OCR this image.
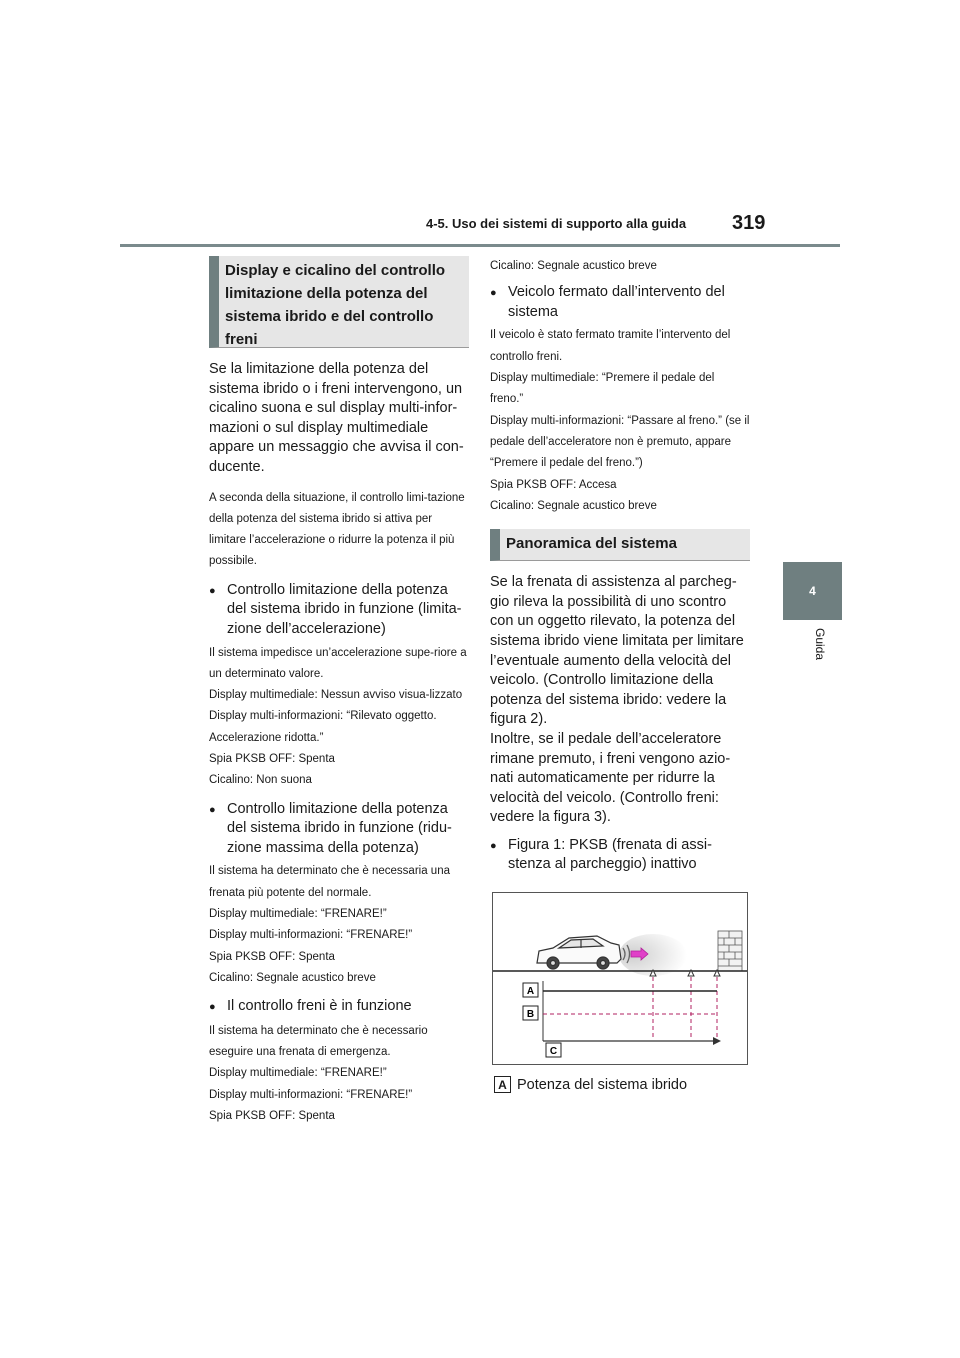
4-5. Uso dei sistemi di supporto alla guida	319
4
Guida
Display e cicalino del controllo limitazione della potenza del sistema ibrido e del controllo freni

Se la limitazione della potenza del sistema ibrido o i freni intervengono, un cicalino suona e sul display multi-infor-mazioni o sul display multimediale appare un messaggio che avvisa il con-ducente.

A seconda della situazione, il controllo limi-tazione della potenza del sistema ibrido si attiva per limitare l’accelerazione o ridurre la potenza il più possibile.

● Controllo limitazione della potenza del sistema ibrido in funzione (limita-zione dell’accelerazione)

Il sistema impedisce un’accelerazione supe-riore a un determinato valore.

Display multimediale: Nessun avviso visua-lizzato

Display multi-informazioni: “Rilevato oggetto. Accelerazione ridotta.”

Spia PKSB OFF: Spenta

Cicalino: Non suona

● Controllo limitazione della potenza del sistema ibrido in funzione (ridu-zione massima della potenza)

Il sistema ha determinato che è necessaria una frenata più potente del normale.

Display multimediale: “FRENARE!”

Display multi-informazioni: “FRENARE!”

Spia PKSB OFF: Spenta

Cicalino: Segnale acustico breve

● Il controllo freni è in funzione

Il sistema ha determinato che è necessario eseguire una frenata di emergenza.

Display multimediale: “FRENARE!”

Display multi-informazioni: “FRENARE!”

Spia PKSB OFF: Spenta

Cicalino: Segnale acustico breve

● Veicolo fermato dall’intervento del sistema

Il veicolo è stato fermato tramite l’intervento del controllo freni.

Display multimediale: “Premere il pedale del freno.”

Display multi-informazioni: “Passare al freno.” (se il pedale dell’acceleratore non è premuto, appare “Premere il pedale del freno.”)

Spia PKSB OFF: Accesa

Cicalino: Segnale acustico breve

Panoramica del sistema

Se la frenata di assistenza al parcheg-gio rileva la possibilità di uno scontro con un oggetto rilevato, la potenza del sistema ibrido viene limitata per limitare l’eventuale aumento della velocità del veicolo. (Controllo limitazione della potenza del sistema ibrido: vedere la figura 2).

Inoltre, se il pedale dell’acceleratore rimane premuto, i freni vengono azio-nati automaticamente per ridurre la velocità del veicolo. (Controllo freni: vedere la figura 3).

● Figura 1: PKSB (frenata di assi-stenza al parcheggio) inattivo
A
B
C
A Potenza del sistema ibrido
